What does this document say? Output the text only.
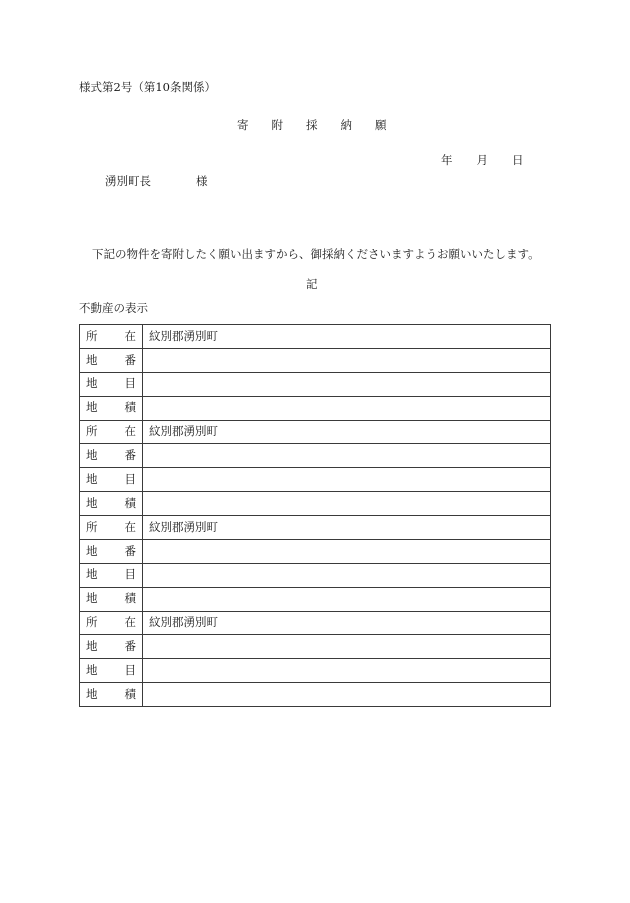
様式第2号（第10条関係）
寄附採納願
年月日
湧別町長	様
下記の物件を寄附したく願い出ますから、御採納くださいますようお願いいたします。
記
不動産の表示
所在	紋別郡湧別町
地番	
地目	
地積	
所在	紋別郡湧別町
地番	
地目	
地積	
所在	紋別郡湧別町
地番	
地目	
地積	
所在	紋別郡湧別町
地番	
地目	
地積	
